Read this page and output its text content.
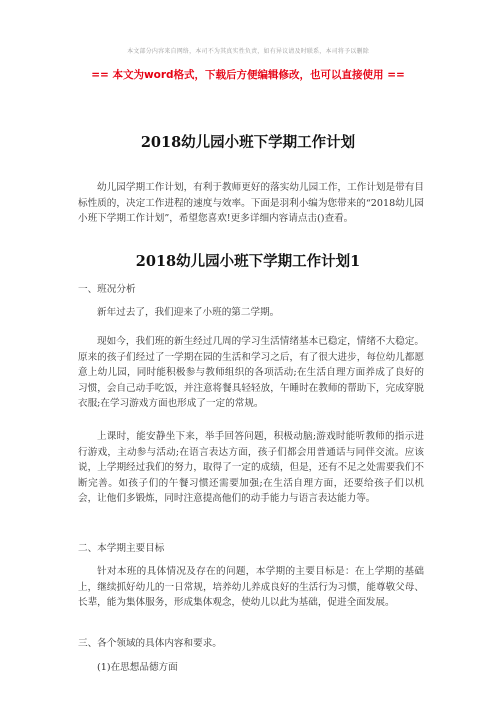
本文部分内容来自网络，本司不为其真实性负责，如有异议请及时联系，本司将予以删除
== 本文为word格式，下载后方便编辑修改，也可以直接使用 ==
2018幼儿园小班下学期工作计划
幼儿园学期工作计划，有利于教师更好的落实幼儿园工作，工作计划是带有目标性质的，决定工作进程的速度与效率。下面是羽利小编为您带来的“2018幼儿园小班下学期工作计划”，希望您喜欢!更多详细内容请点击()查看。
2018幼儿园小班下学期工作计划1
一、班况分析
新年过去了，我们迎来了小班的第二学期。
现如今，我们班的新生经过几周的学习生活情绪基本已稳定，情绪不大稳定。原来的孩子们经过了一学期在园的生活和学习之后，有了很大进步，每位幼儿都愿意上幼儿园，同时能积极参与教师组织的各项活动;在生活自理方面养成了良好的习惯，会自己动手吃饭，并注意将餐具轻轻放，午睡时在教师的帮助下，完成穿脱衣服;在学习游戏方面也形成了一定的常规。
上课时，能安静坐下来，举手回答问题，积极动脑;游戏时能听教师的指示进行游戏，主动参与活动;在语言表达方面，孩子们都会用普通话与同伴交流。应该说，上学期经过我们的努力，取得了一定的成绩，但是，还有不足之处需要我们不断完善。如孩子们的午餐习惯还需要加强;在生活自理方面，还要给孩子们以机会，让他们多锻炼，同时注意提高他们的动手能力与语言表达能力等。
二、本学期主要目标
针对本班的具体情况及存在的问题，本学期的主要目标是：在上学期的基础上，继续抓好幼儿的一日常规，培养幼儿养成良好的生活行为习惯，能尊敬父母、长辈，能为集体服务，形成集体观念，使幼儿以此为基础，促进全面发展。
三、各个领域的具体内容和要求。
(1)在思想品德方面
